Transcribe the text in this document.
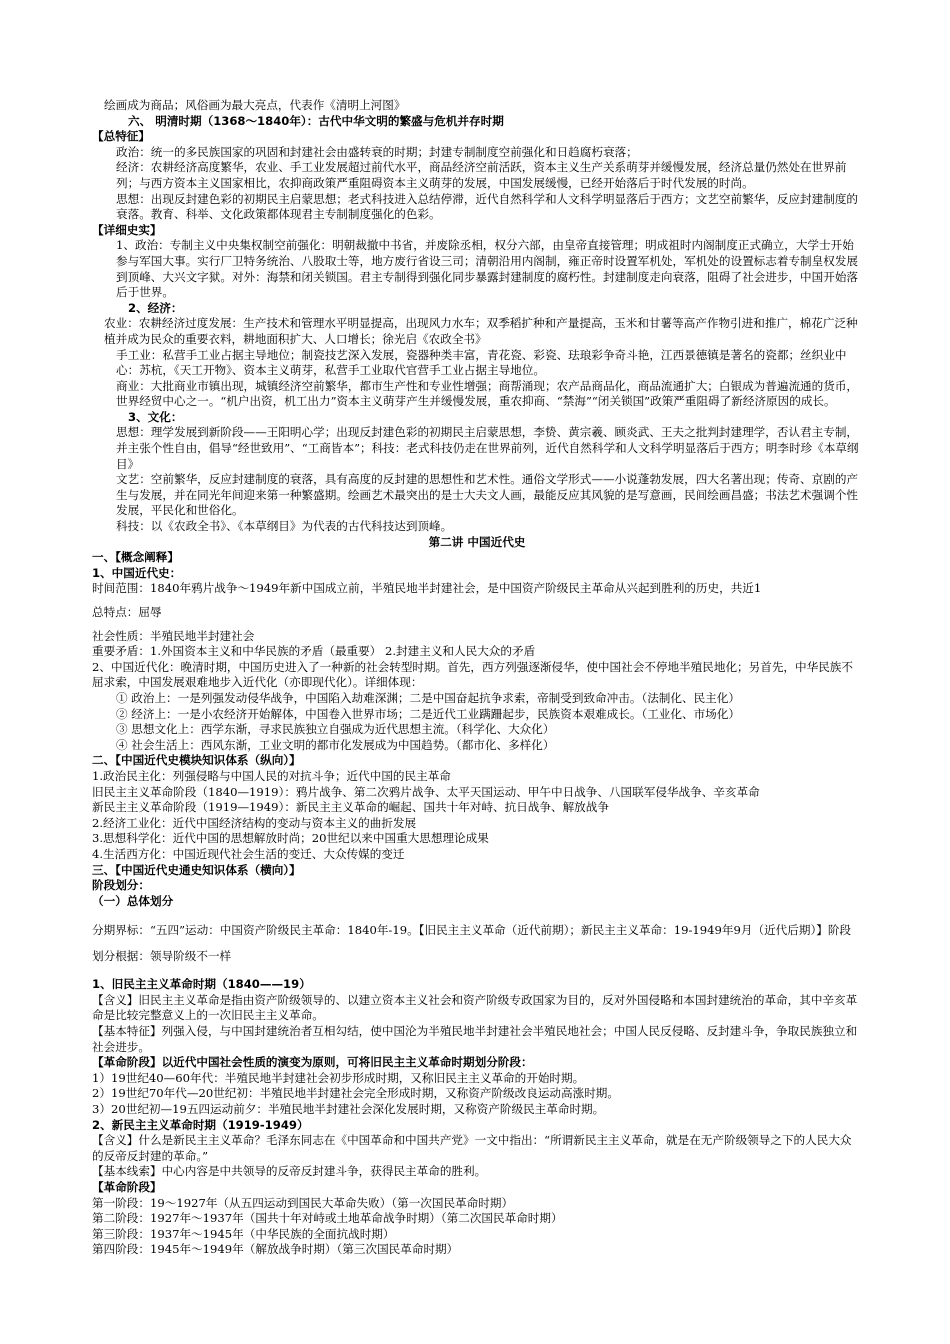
绘画成为商品；风俗画为最大亮点，代表作《清明上河图》
六、 明清时期（1368～1840年）：古代中华文明的繁盛与危机并存时期
【总特征】
政治：统一的多民族国家的巩固和封建社会由盛转衰的时期；封建专制制度空前强化和日趋腐朽衰落；
经济：农耕经济高度繁华，农业、手工业发展超过前代水平，商品经济空前活跃，资本主义生产关系萌芽并缓慢发展，经济总量仍然处在世界前列；与西方资本主义国家相比，农抑商政策严重阻碍资本主义萌芽的发展，中国发展缓慢，已经开始落后于时代发展的时尚。
思想：出现反封建色彩的初期民主启蒙思想；老式科技进入总结停滞，近代自然科学和人文科学明显落后于西方；文艺空前繁华，反应封建制度的衰落。教育、科举、文化政策都体现君主专制制度强化的色彩。
【详细史实】
1、政治：专制主义中央集权制空前强化：明朝裁撤中书省，并废除丞相，权分六部，由皇帝直接管理；明成祖时内阁制度正式确立，大学士开始参与军国大事。实行厂卫特务统治、八股取士等，地方废行省设三司；清朝沿用内阁制，雍正帝时设置军机处，军机处的设置标志着专制皇权发展到顶峰、大兴文字狱。对外：海禁和闭关锁国。君主专制得到强化同步暴露封建制度的腐朽性。封建制度走向衰落，阻碍了社会进步，中国开始落后于世界。
2、经济：
农业：农耕经济过度发展：生产技术和管理水平明显提高，出现风力水车；双季稻扩种和产量提高，玉米和甘薯等高产作物引进和推广，棉花广泛种植并成为民众的重要衣料，耕地面积扩大、人口增长；徐光启《农政全书》
手工业：私营手工业占据主导地位；制瓷技艺深入发展，瓷器种类丰富，青花瓷、彩瓷、珐琅彩争奇斗艳，江西景德镇是著名的瓷都；丝织业中心：苏杭，《天工开物》、资本主义萌芽，私营手工业取代官营手工业占据主导地位。
商业：大批商业市镇出现，城镇经济空前繁华，都市生产性和专业性增强；商帮涌现；农产品商品化，商品流通扩大；白银成为普遍流通的货币，世界经贸中心之一。“机户出资，机工出力”资本主义萌芽产生并缓慢发展，重农抑商、“禁海”“闭关锁国”政策严重阻碍了新经济原因的成长。
3、文化：
思想：理学发展到新阶段——王阳明心学；出现反封建色彩的初期民主启蒙思想，李贽、黄宗羲、顾炎武、王夫之批判封建理学，否认君主专制，并主张个性自由，倡导“经世致用”、“工商皆本”；科技：老式科技仍走在世界前列，近代自然科学和人文科学明显落后于西方；明李时珍《本草纲目》
文艺：空前繁华，反应封建制度的衰落，具有高度的反封建的思想性和艺术性。通俗文学形式——小说蓬勃发展，四大名著出现；传奇、京剧的产生与发展，并在同光年间迎来第一种繁盛期。绘画艺术最突出的是士大夫文人画，最能反应其风貌的是写意画，民间绘画昌盛；书法艺术强调个性发展，平民化和世俗化。
科技：以《农政全书》、《本草纲目》为代表的古代科技达到顶峰。
第二讲 中国近代史
一、【概念阐释】
1、中国近代史：
时间范围：1840年鸦片战争～1949年新中国成立前，半殖民地半封建社会，是中国资产阶级民主革命从兴起到胜利的历史，共近1
总特点：屈辱
社会性质：半殖民地半封建社会
重要矛盾：1.外国资本主义和中华民族的矛盾（最重要） 2.封建主义和人民大众的矛盾
2、中国近代化：晚清时期，中国历史进入了一种新的社会转型时期。首先，西方列强逐渐侵华，使中国社会不停地半殖民地化；另首先，中华民族不屈求索，中国发展艰难地步入近代化（亦即现代化）。详细体现：
① 政治上：一是列强发动侵华战争，中国陷入劫难深渊；二是中国奋起抗争求索，帝制受到致命冲击。（法制化、民主化）
② 经济上：一是小农经济开始解体，中国卷入世界市场；二是近代工业蹒跚起步，民族资本艰难成长。（工业化、市场化）
③ 思想文化上：西学东渐，寻求民族独立自强成为近代思想主流。（科学化、大众化）
④ 社会生活上：西风东渐，工业文明的都市化发展成为中国趋势。（都市化、多样化）
二、【中国近代史模块知识体系（纵向）】
1.政治民主化：列强侵略与中国人民的对抗斗争；近代中国的民主革命
旧民主主义革命阶段（1840—1919）：鸦片战争、第二次鸦片战争、太平天国运动、甲午中日战争、八国联军侵华战争、辛亥革命
新民主主义革命阶段（1919—1949）：新民主主义革命的崛起、国共十年对峙、抗日战争、解放战争
2.经济工业化：近代中国经济结构的变动与资本主义的曲折发展
3.思想科学化：近代中国的思想解放时尚；20世纪以来中国重大思想理论成果
4.生活西方化：中国近现代社会生活的变迁、大众传媒的变迁
三、【中国近代史通史知识体系（横向）】
阶段划分：
（一）总体划分
分期界标：“五四”运动：中国资产阶级民主革命：1840年-19。【旧民主主义革命（近代前期）；新民主主义革命：19-1949年9月（近代后期）】阶段划分根据：领导阶级不一样
1、旧民主主义革命时期（1840——19）
【含义】旧民主主义革命是指由资产阶级领导的、以建立资本主义社会和资产阶级专政国家为目的，反对外国侵略和本国封建统治的革命，其中辛亥革命是比较完整意义上的一次旧民主主义革命。
【基本特征】列强入侵，与中国封建统治者互相勾结，使中国沦为半殖民地半封建社会半殖民地社会；中国人民反侵略、反封建斗争，争取民族独立和社会进步。
【革命阶段】以近代中国社会性质的演变为原则，可将旧民主主义革命时期划分阶段：
1）19世纪40—60年代：半殖民地半封建社会初步形成时期，又称旧民主主义革命的开始时期。
2）19世纪70年代—20世纪初：半殖民地半封建社会完全形成时期，又称资产阶级改良运动高涨时期。
3）20世纪初—19五四运动前夕：半殖民地半封建社会深化发展时期，又称资产阶级民主革命时期。
2、新民主主义革命时期（1919-1949）
【含义】什么是新民主主义革命？毛泽东同志在《中国革命和中国共产党》一文中指出：“所谓新民主主义革命，就是在无产阶级领导之下的人民大众的反帝反封建的革命。”
【基本线索】中心内容是中共领导的反帝反封建斗争，获得民主革命的胜利。
【革命阶段】
第一阶段：19～1927年（从五四运动到国民大革命失败）（第一次国民革命时期）
第二阶段：1927年～1937年（国共十年对峙或土地革命战争时期）（第二次国民革命时期）
第三阶段：1937年～1945年（中华民族的全面抗战时期）
第四阶段：1945年～1949年（解放战争时期）（第三次国民革命时期）
